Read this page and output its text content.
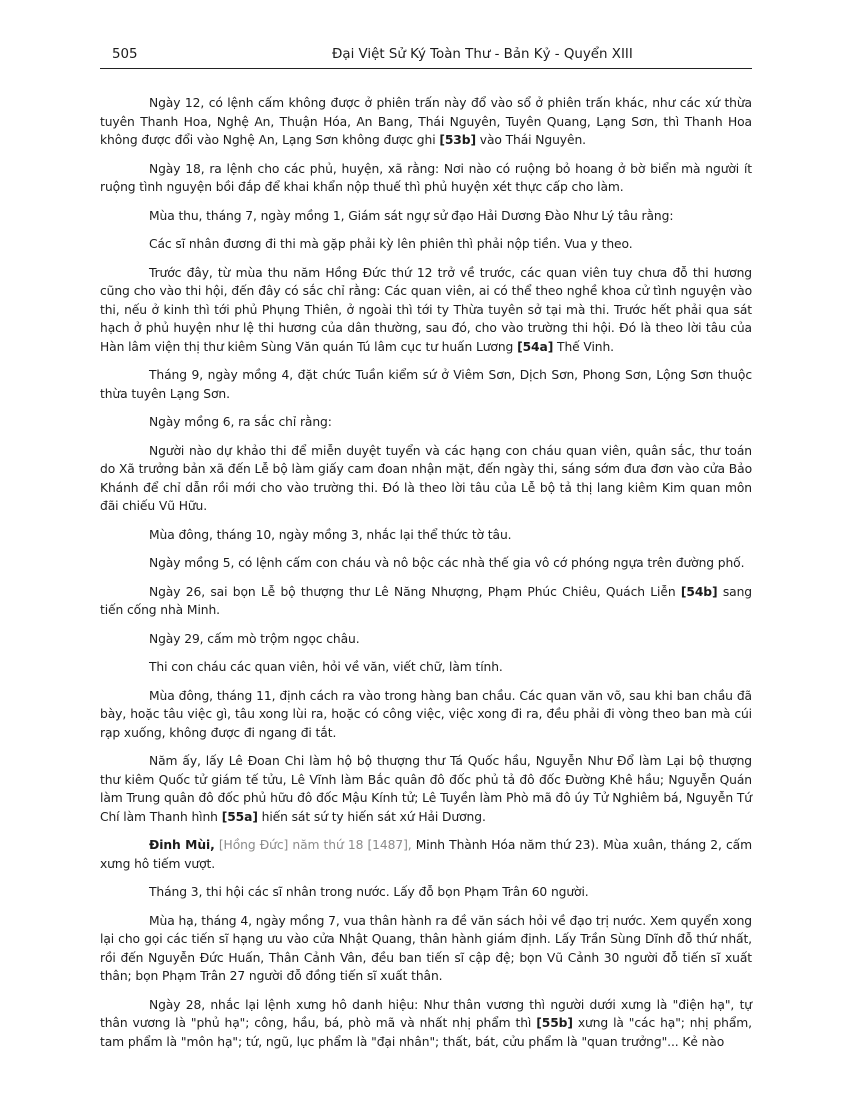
505	Đại Việt Sử Ký Toàn Thư - Bản Kỷ - Quyển XIII

Ngày 12, có lệnh cấm không được ở phiên trấn này đổ vào sổ ở phiên trấn khác, như các xứ thừa tuyên Thanh Hoa, Nghệ An, Thuận Hóa, An Bang, Thái Nguyên, Tuyên Quang, Lạng Sơn, thì Thanh Hoa không được đổi vào Nghệ An, Lạng Sơn không được ghi [53b] vào Thái Nguyên.

Ngày 18, ra lệnh cho các phủ, huyện, xã rằng: Nơi nào có ruộng bỏ hoang ở bờ biển mà người ít ruộng tình nguyện bồi đắp để khai khẩn nộp thuế thì phủ huyện xét thực cấp cho làm.

Mùa thu, tháng 7, ngày mồng 1, Giám sát ngự sử đạo Hải Dương Đào Như Lý tâu rằng:

Các sĩ nhân đương đi thi mà gặp phải kỳ lên phiên thì phải nộp tiền. Vua y theo.

Trước đây, từ mùa thu năm Hồng Đức thứ 12 trở về trước, các quan viên tuy chưa đỗ thi hương cũng cho vào thi hội, đến đây có sắc chỉ rằng: Các quan viên, ai có thể theo nghề khoa cử tình nguyện vào thi, nếu ở kinh thì tới phủ Phụng Thiên, ở ngoài thì tới ty Thừa tuyên sở tại mà thi. Trước hết phải qua sát hạch ở phủ huyện như lệ thi hương của dân thường, sau đó, cho vào trường thi hội. Đó là theo lời tâu của Hàn lâm viện thị thư kiêm Sùng Văn quán Tú lâm cục tư huấn Lương [54a] Thế Vinh.

Tháng 9, ngày mồng 4, đặt chức Tuần kiểm sứ ở Viêm Sơn, Dịch Sơn, Phong Sơn, Lộng Sơn thuộc thừa tuyên Lạng Sơn.

Ngày mồng 6, ra sắc chỉ rằng:

Người nào dự khảo thi để miễn duyệt tuyển và các hạng con cháu quan viên, quân sắc, thư toán do Xã trưởng bản xã đến Lễ bộ làm giấy cam đoan nhận mặt, đến ngày thi, sáng sớm đưa đơn vào cửa Bảo Khánh để chỉ dẫn rồi mới cho vào trường thi. Đó là theo lời tâu của Lễ bộ tả thị lang kiêm Kim quan môn đãi chiếu Vũ Hữu.

Mùa đông, tháng 10, ngày mồng 3, nhắc lại thể thức tờ tâu.

Ngày mồng 5, có lệnh cấm con cháu và nô bộc các nhà thế gia vô cớ phóng ngựa trên đường phố.

Ngày 26, sai bọn Lễ bộ thượng thư Lê Năng Nhượng, Phạm Phúc Chiêu, Quách Liễn [54b] sang tiến cống nhà Minh.

Ngày 29, cấm mò trộm ngọc châu.

Thi con cháu các quan viên, hỏi về văn, viết chữ, làm tính.

Mùa đông, tháng 11, định cách ra vào trong hàng ban chầu. Các quan văn võ, sau khi ban chầu đã bày, hoặc tâu việc gì, tâu xong lùi ra, hoặc có công việc, việc xong đi ra, đều phải đi vòng theo ban mà cúi rạp xuống, không được đi ngang đi tắt.

Năm ấy, lấy Lê Đoan Chi làm hộ bộ thượng thư Tá Quốc hầu, Nguyễn Như Đổ làm Lại bộ thượng thư kiêm Quốc tử giám tế tửu, Lê Vĩnh làm Bắc quân đô đốc phủ tả đô đốc Đường Khê hầu; Nguyễn Quán làm Trung quân đô đốc phủ hữu đô đốc Mậu Kính tử; Lê Tuyền làm Phò mã đô úy Tử Nghiêm bá, Nguyễn Tứ Chí làm Thanh hình [55a] hiến sát sứ ty hiến sát xứ Hải Dương.

Đinh Mùi, [Hồng Đức] năm thứ 18 [1487], Minh Thành Hóa năm thứ 23). Mùa xuân, tháng 2, cấm xưng hô tiếm vượt.

Tháng 3, thi hội các sĩ nhân trong nước. Lấy đỗ bọn Phạm Trân 60 người.

Mùa hạ, tháng 4, ngày mồng 7, vua thân hành ra đề văn sách hỏi về đạo trị nước. Xem quyển xong lại cho gọi các tiến sĩ hạng ưu vào cửa Nhật Quang, thân hành giám định. Lấy Trần Sùng Dĩnh đỗ thứ nhất, rồi đến Nguyễn Đức Huấn, Thân Cảnh Vân, đều ban tiến sĩ cập đệ; bọn Vũ Cảnh 30 người đỗ tiến sĩ xuất thân; bọn Phạm Trân 27 người đỗ đồng tiến sĩ xuất thân.

Ngày 28, nhắc lại lệnh xưng hô danh hiệu: Như thân vương thì người dưới xưng là "điện hạ", tự thân vương là "phủ hạ"; công, hầu, bá, phò mã và nhất nhị phẩm thì [55b] xưng là "các hạ"; nhị phẩm, tam phẩm là "môn hạ"; tứ, ngũ, lục phẩm là "đại nhân"; thất, bát, cửu phẩm là "quan trưởng"... Kẻ nào
